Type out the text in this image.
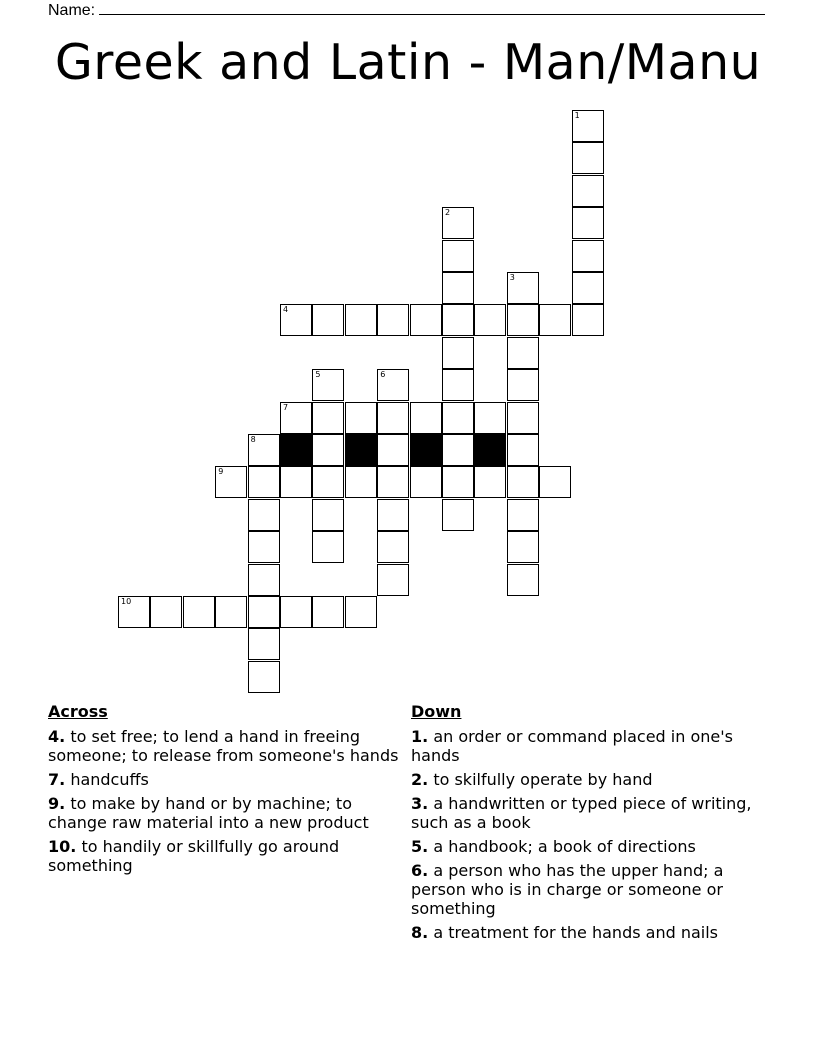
Name:
Greek and Latin - Man/Manu
1
2
3
4
5	6
7
8
9
10
Across
4. to set free; to lend a hand in freeing someone; to release from someone's hands
7. handcuffs
9. to make by hand or by machine; to change raw material into a new product
10. to handily or skillfully go around something
Down
1. an order or command placed in one's hands
2. to skilfully operate by hand
3. a handwritten or typed piece of writing, such as a book
5. a handbook; a book of directions
6. a person who has the upper hand; a person who is in charge or someone or something
8. a treatment for the hands and nails
